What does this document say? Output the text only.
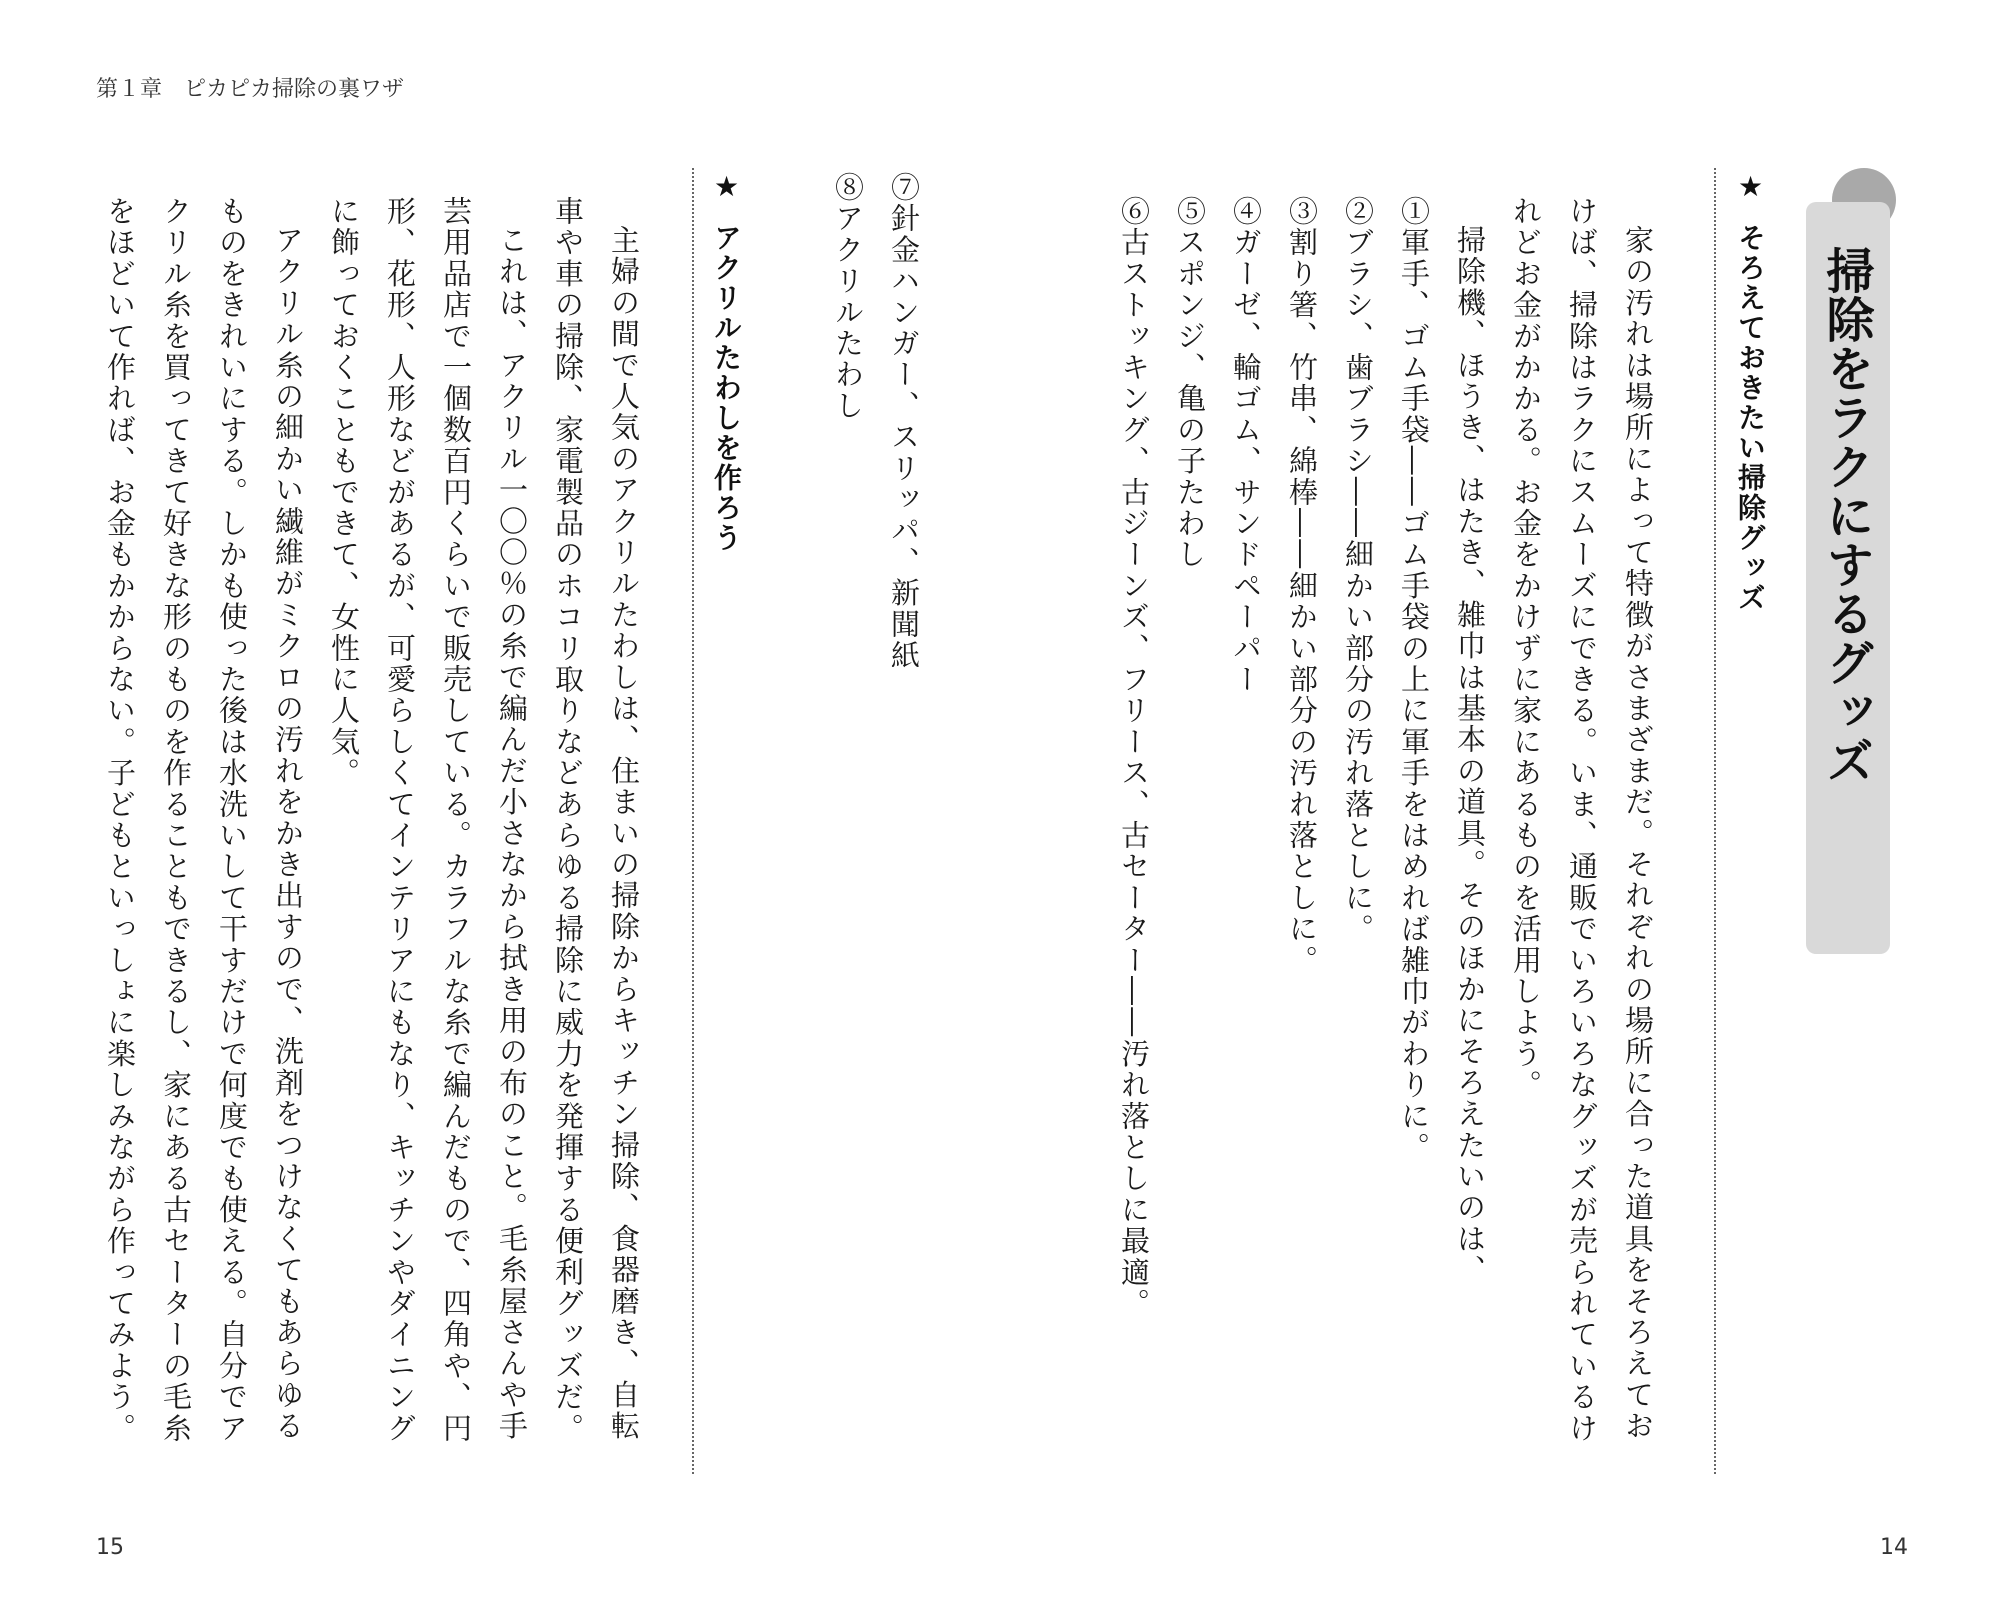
第１章　ピカピカ掃除の裏ワザ
掃除をラクにするグッズ
★そろえておきたい掃除グッズ

家の汚れは場所によって特徴がさまざまだ。それぞれの場所に合った道具をそろえてお

けば、掃除はラクにスムーズにできる。いま、通販でいろいろなグッズが売られているけ

れどお金がかかる。お金をかけずに家にあるものを活用しよう。

掃除機、ほうき、はたき、雑巾は基本の道具。そのほかにそろえたいのは、

①軍手、ゴム手袋――ゴム手袋の上に軍手をはめれば雑巾がわりに。

②ブラシ、歯ブラシ――細かい部分の汚れ落としに。

③割り箸、竹串、綿棒――細かい部分の汚れ落としに。

④ガーゼ、輪ゴム、サンドペーパー

⑤スポンジ、亀の子たわし

⑥古ストッキング、古ジーンズ、フリース、古セーター――汚れ落としに最適。

⑦針金ハンガー、スリッパ、新聞紙

⑧アクリルたわし

★アクリルたわしを作ろう

主婦の間で人気のアクリルたわしは、住まいの掃除からキッチン掃除、食器磨き、自転

車や車の掃除、家電製品のホコリ取りなどあらゆる掃除に威力を発揮する便利グッズだ。

これは、アクリル一〇〇％の糸で編んだ小さなから拭き用の布のこと。毛糸屋さんや手

芸用品店で一個数百円くらいで販売している。カラフルな糸で編んだもので、四角や、円

形、花形、人形などがあるが、可愛らしくてインテリアにもなり、キッチンやダイニング

に飾っておくこともできて、女性に人気。

アクリル糸の細かい繊維がミクロの汚れをかき出すので、洗剤をつけなくてもあらゆる

ものをきれいにする。しかも使った後は水洗いして干すだけで何度でも使える。自分でア

クリル糸を買ってきて好きな形のものを作ることもできるし、家にある古セーターの毛糸

をほどいて作れば、お金もかからない。子どもといっしょに楽しみながら作ってみよう。

15	14
